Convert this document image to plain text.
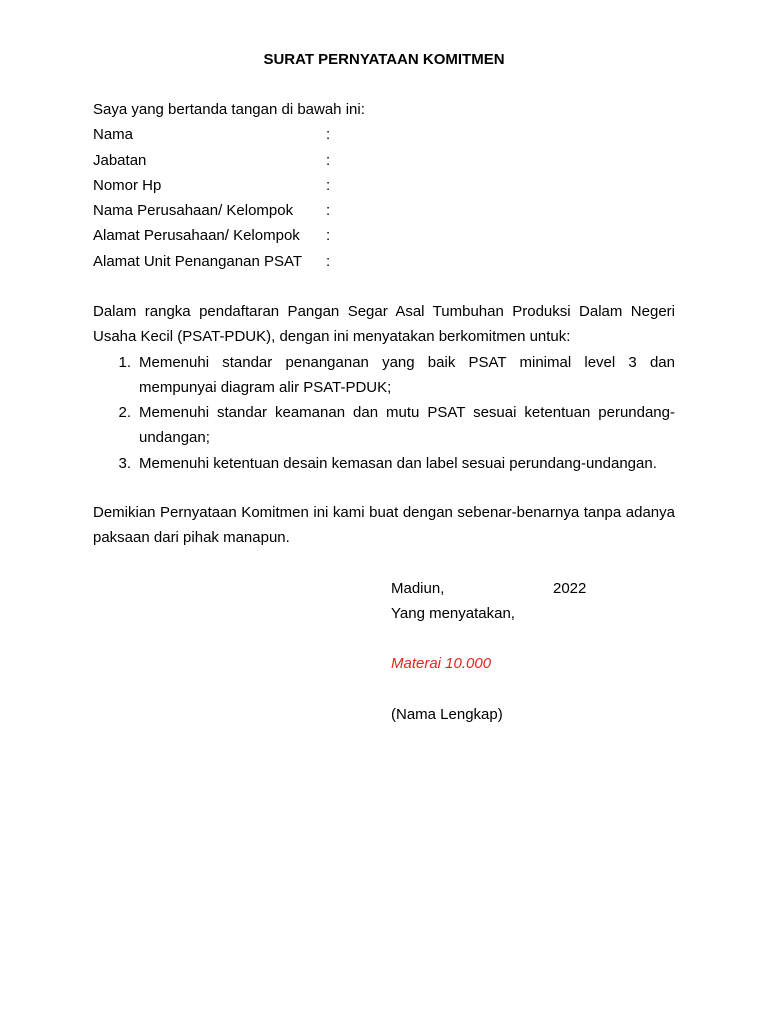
SURAT PERNYATAAN KOMITMEN
Saya yang bertanda tangan di bawah ini:
Nama	:
Jabatan	:
Nomor Hp	:
Nama Perusahaan/ Kelompok	:
Alamat Perusahaan/ Kelompok	:
Alamat Unit Penanganan PSAT	:
Dalam rangka pendaftaran Pangan Segar Asal Tumbuhan Produksi Dalam Negeri Usaha Kecil (PSAT-PDUK), dengan ini menyatakan berkomitmen untuk:
1. Memenuhi standar penanganan yang baik PSAT minimal level 3 dan mempunyai diagram alir PSAT-PDUK;
2. Memenuhi standar keamanan dan mutu PSAT sesuai ketentuan perundang-undangan;
3. Memenuhi ketentuan desain kemasan dan label sesuai perundang-undangan.
Demikian Pernyataan Komitmen ini kami buat dengan sebenar-benarnya tanpa adanya paksaan dari pihak manapun.
Madiun,	2022
Yang menyatakan,
Materai 10.000
(Nama Lengkap)
